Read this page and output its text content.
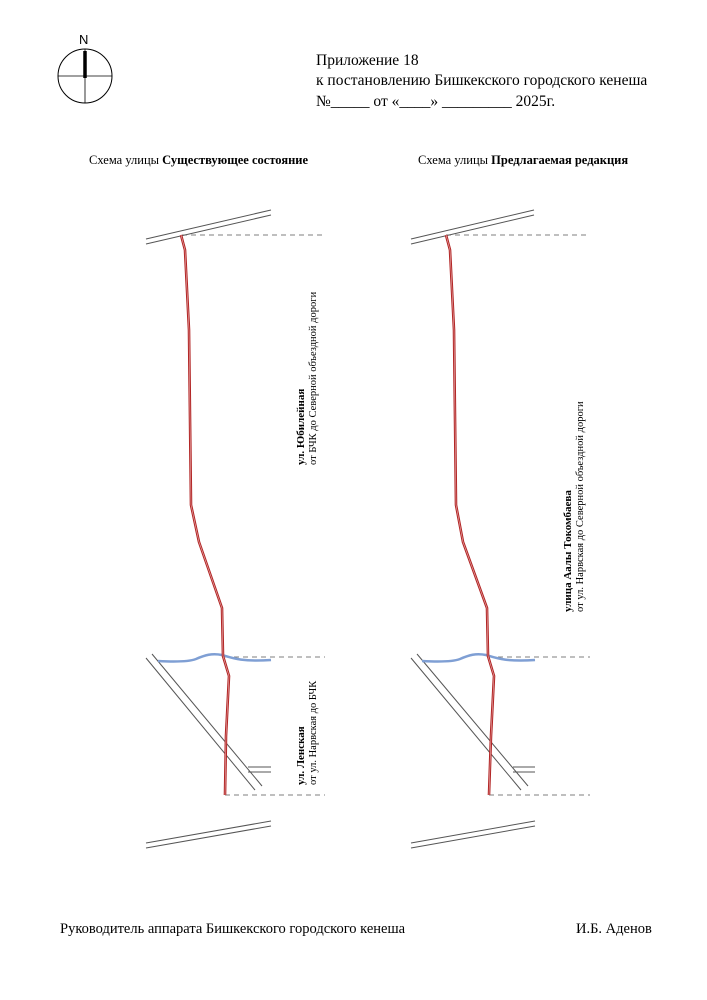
N
Приложение 18
к постановлению Бишкекского городского кенеша
№_____ от «____» _________ 2025г.
Схема улицы Существующее состояние	Схема улицы Предлагаемая редакция
ул. Юбилейная от БЧК до Северной объездной дороги
ул. Ленская от ул. Нарвская до БЧК
улица Аалы Токомбаева от ул. Нарвская до Северной объездной дороги
Руководитель аппарата Бишкекского городского кенеша	И.Б. Аденов
